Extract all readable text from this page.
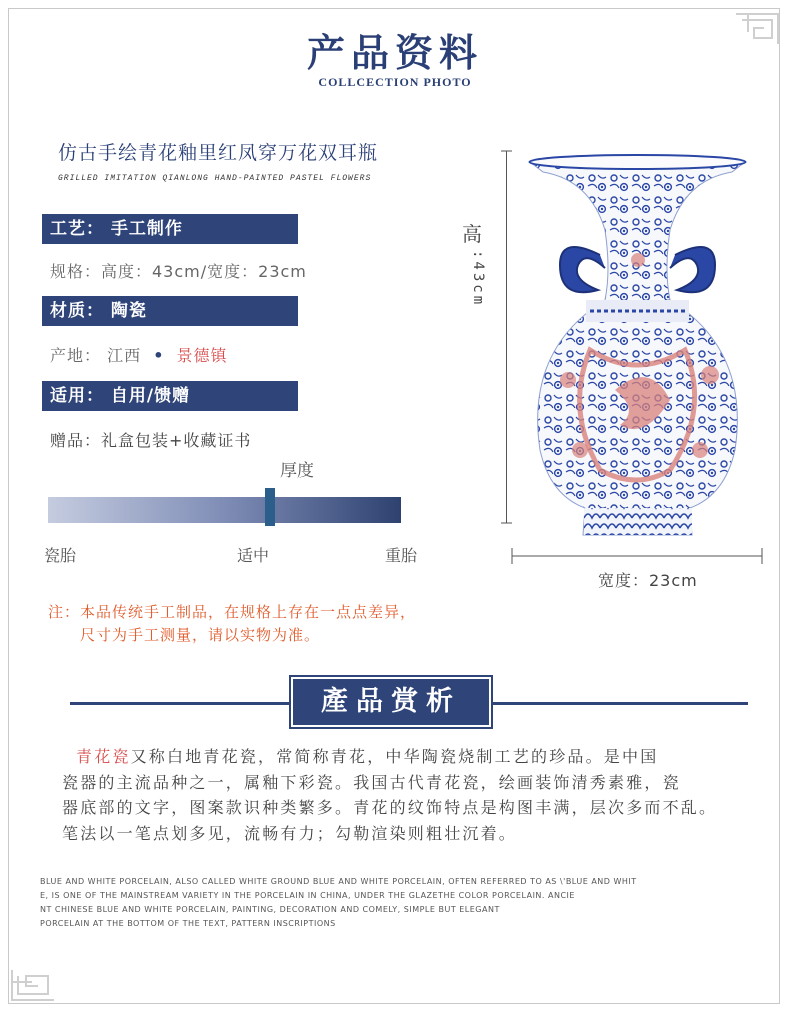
产品资料
COLLCECTION PHOTO
仿古手绘青花釉里红凤穿万花双耳瓶
GRILLED IMITATION QIANLONG HAND-PAINTED PASTEL FLOWERS
工艺： 手工制作
规格：高度：43cm/宽度：23cm
材质： 陶瓷
产地： 江西 • 景德镇
适用： 自用/馈赠
赠品：礼盒包装+收藏证书
厚度
瓷胎	适中	重胎
注：本品传统手工制品，在规格上存在一点点差异，
尺寸为手工测量，请以实物为准。
高
:43cm
宽度：23cm
產品赏析
青花瓷又称白地青花瓷，常简称青花，中华陶瓷烧制工艺的珍品。是中国
瓷器的主流品种之一，属釉下彩瓷。我国古代青花瓷，绘画装饰清秀素雅，瓷
器底部的文字，图案款识种类繁多。青花的纹饰特点是构图丰满，层次多而不乱。
笔法以一笔点划多见，流畅有力；勾勒渲染则粗壮沉着。
BLUE AND WHITE PORCELAIN, ALSO CALLED WHITE GROUND BLUE AND WHITE PORCELAIN, OFTEN REFERRED TO AS \'BLUE AND WHIT
E, IS ONE OF THE MAINSTREAM VARIETY IN THE PORCELAIN IN CHINA, UNDER THE GLAZETHE COLOR PORCELAIN. ANCIE
NT CHINESE BLUE AND WHITE PORCELAIN, PAINTING, DECORATION AND COMELY, SIMPLE BUT ELEGANT
PORCELAIN AT THE BOTTOM OF THE TEXT, PATTERN INSCRIPTIONS
